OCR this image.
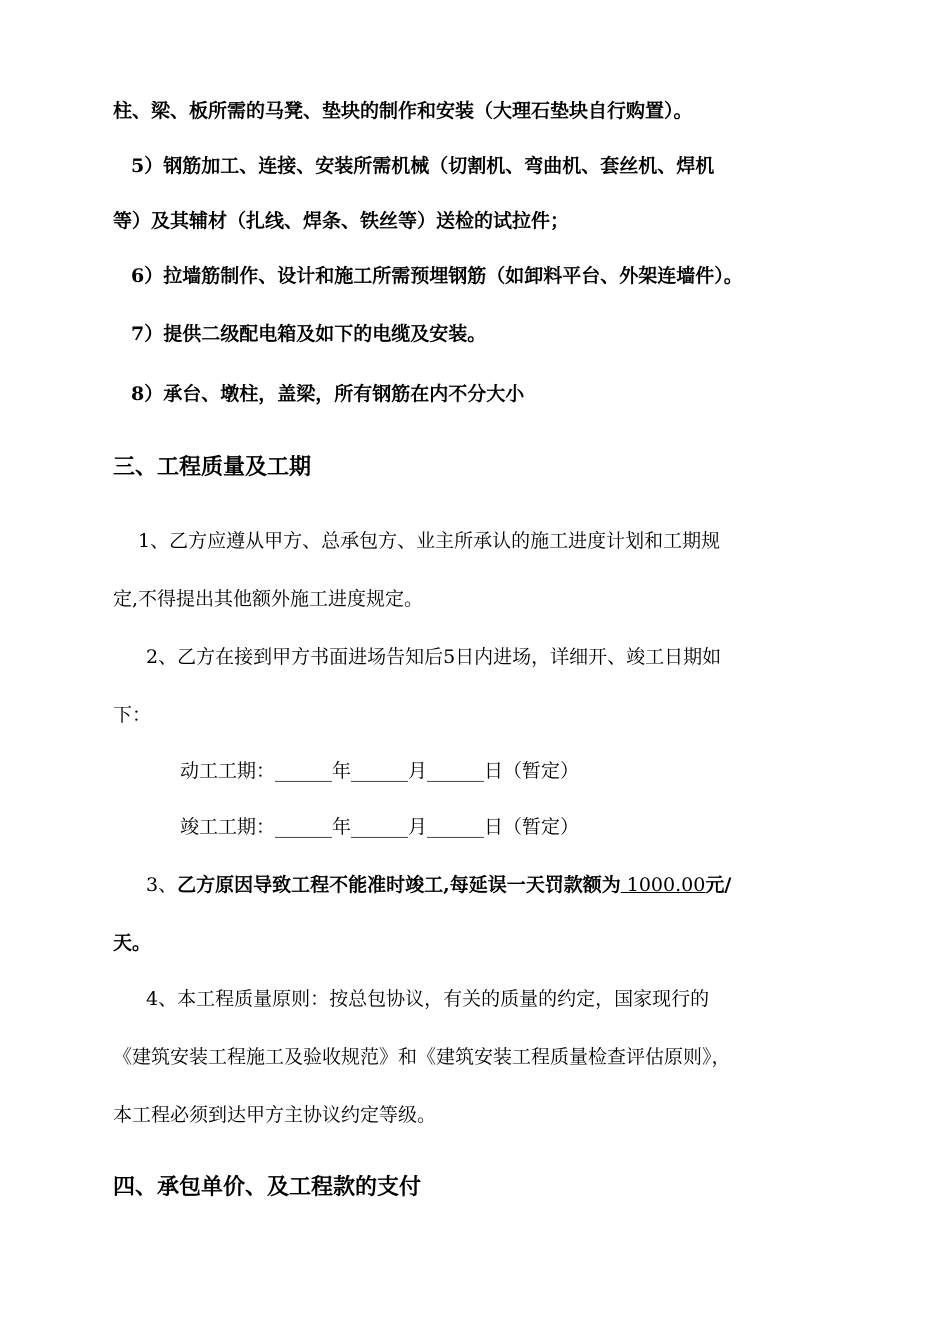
柱、梁、板所需的马凳、垫块的制作和安装（大理石垫块自行购置）。
5）钢筋加工、连接、安装所需机械（切割机、弯曲机、套丝机、焊机
等）及其辅材（扎线、焊条、铁丝等）送检的试拉件；
6）拉墙筋制作、设计和施工所需预埋钢筋（如卸料平台、外架连墙件）。
7）提供二级配电箱及如下的电缆及安装。
8）承台、墩柱，盖梁，所有钢筋在内不分大小
三、工程质量及工期
1、乙方应遵从甲方、总承包方、业主所承认的施工进度计划和工期规
定,不得提出其他额外施工进度规定。
2、乙方在接到甲方书面进场告知后5日内进场，详细开、竣工日期如
下：
动工工期：______年______月______日（暂定）
竣工工期：______年______月______日（暂定）
3、乙方原因导致工程不能准时竣工,每延误一天罚款额为 1000.00元/
天。
4、本工程质量原则：按总包协议，有关的质量的约定，国家现行的
《建筑安装工程施工及验收规范》和《建筑安装工程质量检查评估原则》，
本工程必须到达甲方主协议约定等级。
四、承包单价、及工程款的支付
